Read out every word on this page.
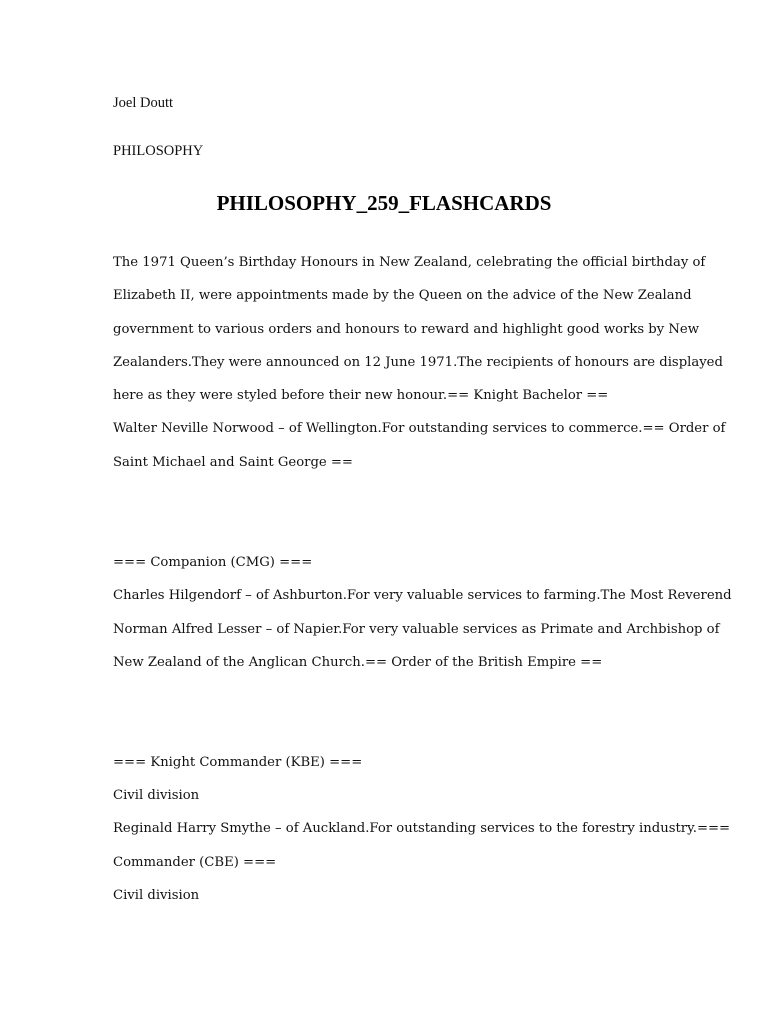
Joel Doutt
PHILOSOPHY
PHILOSOPHY_259_FLASHCARDS
The 1971 Queen’s Birthday Honours in New Zealand, celebrating the official birthday of
Elizabeth II, were appointments made by the Queen on the advice of the New Zealand
government to various orders and honours to reward and highlight good works by New
Zealanders.They were announced on 12 June 1971.The recipients of honours are displayed
here as they were styled before their new honour.== Knight Bachelor ==
Walter Neville Norwood – of Wellington.For outstanding services to commerce.== Order of
Saint Michael and Saint George ==
=== Companion (CMG) ===
Charles Hilgendorf – of Ashburton.For very valuable services to farming.The Most Reverend
Norman Alfred Lesser – of Napier.For very valuable services as Primate and Archbishop of
New Zealand of the Anglican Church.== Order of the British Empire ==
=== Knight Commander (KBE) ===
Civil division
Reginald Harry Smythe – of Auckland.For outstanding services to the forestry industry.===
Commander (CBE) ===
Civil division
